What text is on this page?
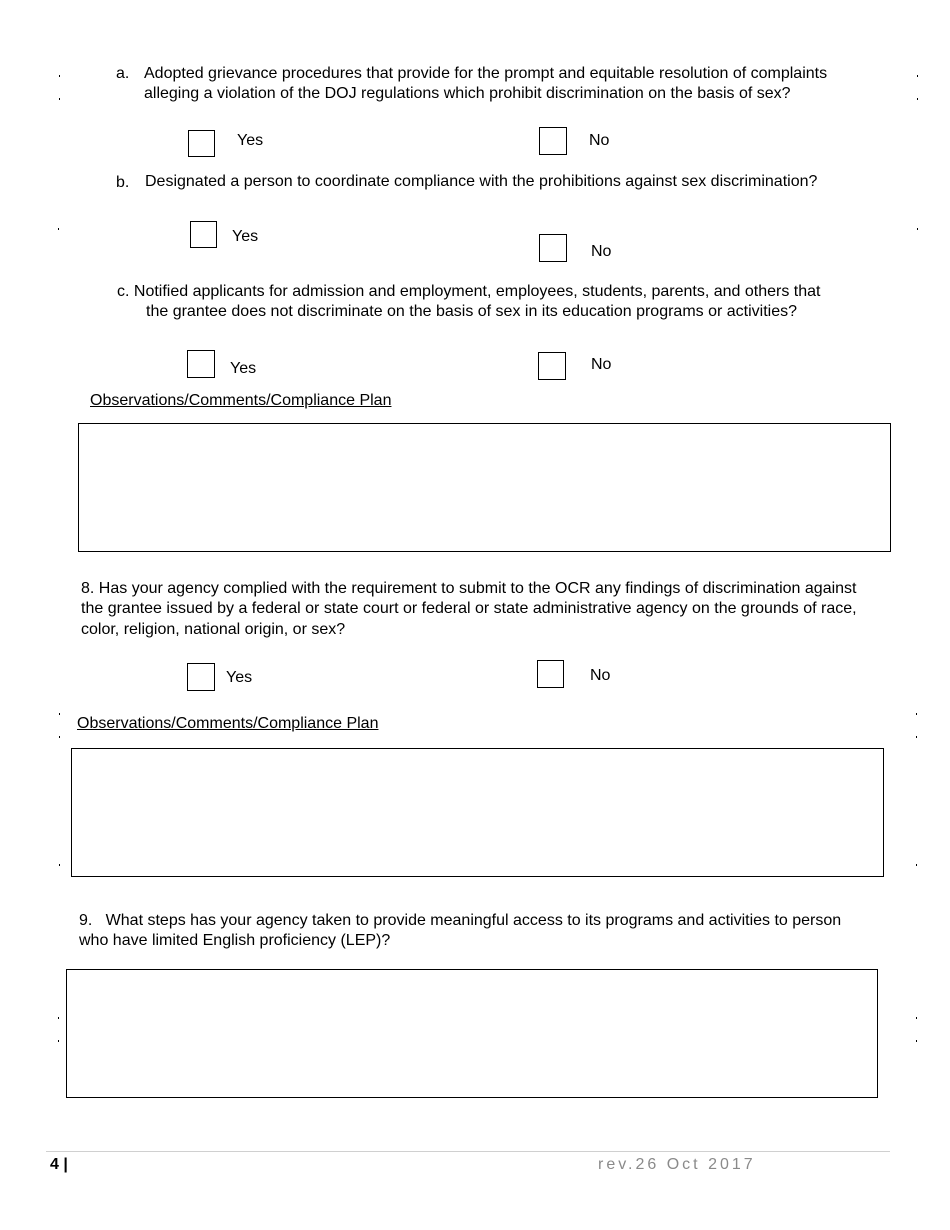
a. Adopted grievance procedures that provide for the prompt and equitable resolution of complaints
alleging a violation of the DOJ regulations which prohibit discrimination on the basis of sex?
Yes	No
b. Designated a person to coordinate compliance with the prohibitions against sex discrimination?
Yes
No
c. Notified applicants for admission and employment, employees, students, parents, and others that
the grantee does not discriminate on the basis of sex in its education programs or activities?
Yes	No
Observations/Comments/Compliance Plan
8. Has your agency complied with the requirement to submit to the OCR any findings of discrimination against
the grantee issued by a federal or state court or federal or state administrative agency on the grounds of race,
color, religion, national origin, or sex?
Yes	No
Observations/Comments/Compliance Plan
9.   What steps has your agency taken to provide meaningful access to its programs and activities to person
who have limited English proficiency (LEP)?
4 |	rev.26 Oct 2017
